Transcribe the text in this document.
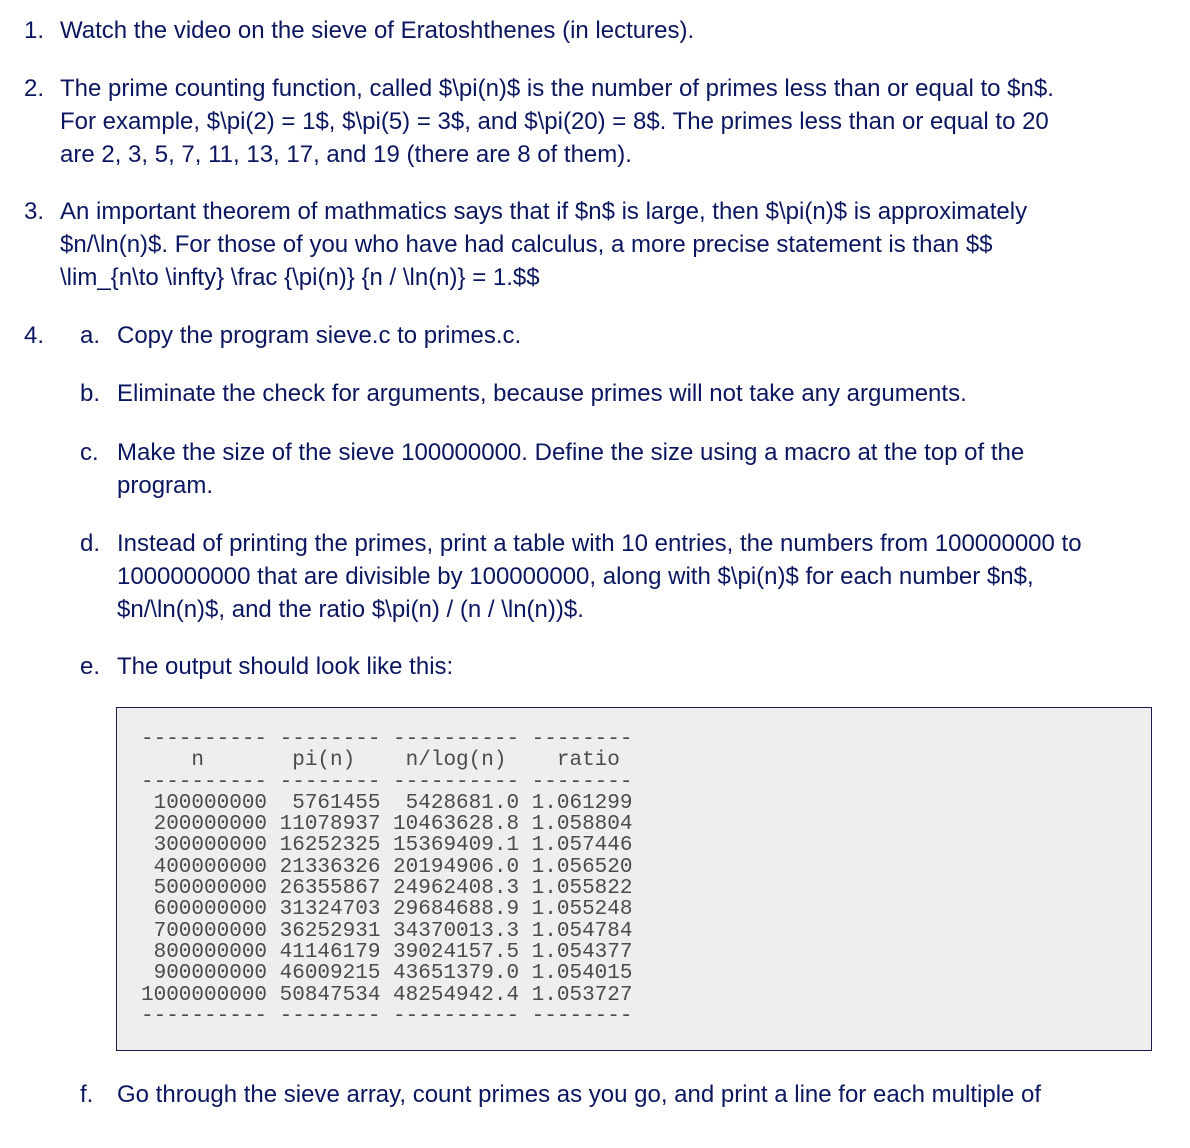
1. Watch the video on the sieve of Eratoshthenes (in lectures).

2. The prime counting function, called $\pi(n)$ is the number of primes less than or equal to $n$.

For example, $\pi(2) = 1$, $\pi(5) = 3$, and $\pi(20) = 8$. The primes less than or equal to 20

are 2, 3, 5, 7, 11, 13, 17, and 19 (there are 8 of them).

3. An important theorem of mathmatics says that if $n$ is large, then $\pi(n)$ is approximately

$n/\ln(n)$. For those of you who have had calculus, a more precise statement is than $$

\lim_{n\to \infty} \frac {\pi(n)} {n / \ln(n)} = 1.$$

4. a. Copy the program sieve.c to primes.c.

b. Eliminate the check for arguments, because primes will not take any arguments.

c. Make the size of the sieve 100000000. Define the size using a macro at the top of the

program.

d. Instead of printing the primes, print a table with 10 entries, the numbers from 100000000 to

1000000000 that are divisible by 100000000, along with $\pi(n)$ for each number $n$,

$n/\ln(n)$, and the ratio $\pi(n) / (n / \ln(n))$.

e. The output should look like this:

---------- -------- ---------- --------
n       pi(n)    n/log(n)    ratio
---------- -------- ---------- --------
100000000  5761455  5428681.0 1.061299
200000000 11078937 10463628.8 1.058804
300000000 16252325 15369409.1 1.057446
400000000 21336326 20194906.0 1.056520
500000000 26355867 24962408.3 1.055822
600000000 31324703 29684688.9 1.055248
700000000 36252931 34370013.3 1.054784
800000000 41146179 39024157.5 1.054377
900000000 46009215 43651379.0 1.054015
1000000000 50847534 48254942.4 1.053727
---------- -------- ---------- --------
f. Go through the sieve array, count primes as you go, and print a line for each multiple of
